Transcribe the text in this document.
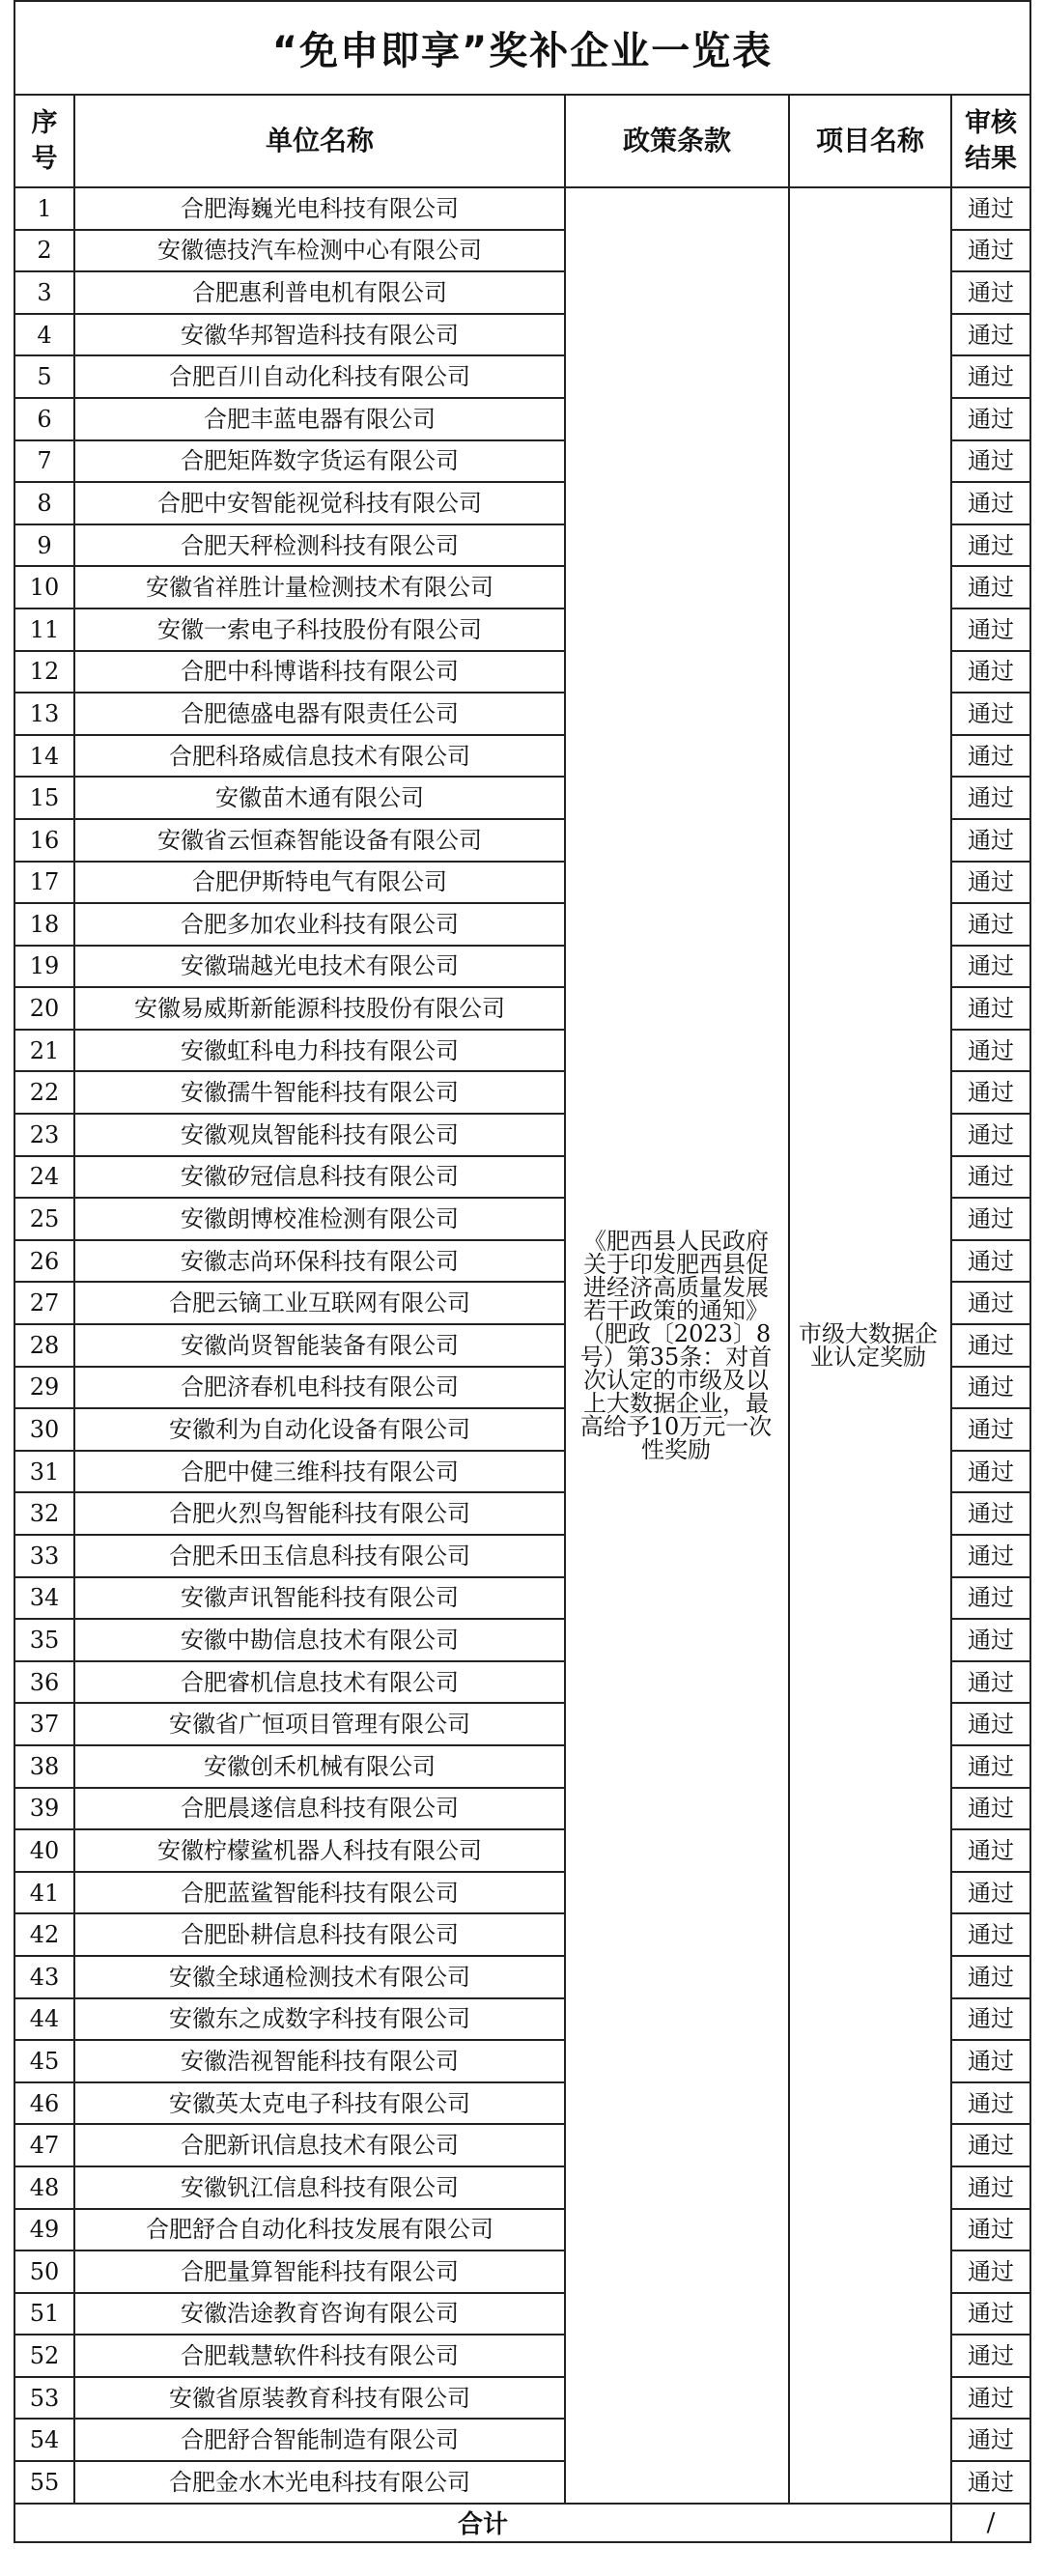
“免申即享”奖补企业一览表				
序
号	单位名称	政策条款	项目名称	审核
结果
1	合肥海巍光电科技有限公司	《肥西县人民政府关于印发肥西县促进经济高质量发展若干政策的通知》（肥政〔2023〕8号）第35条：对首次认定的市级及以上大数据企业，最高给予10万元一次性奖励	市级大数据企业认定奖励	通过
2	安徽德技汽车检测中心有限公司			通过
3	合肥惠利普电机有限公司			通过
4	安徽华邦智造科技有限公司			通过
5	合肥百川自动化科技有限公司			通过
6	合肥丰蓝电器有限公司			通过
7	合肥矩阵数字货运有限公司			通过
8	合肥中安智能视觉科技有限公司			通过
9	合肥天秤检测科技有限公司			通过
10	安徽省祥胜计量检测技术有限公司			通过
11	安徽一索电子科技股份有限公司			通过
12	合肥中科博谐科技有限公司			通过
13	合肥德盛电器有限责任公司			通过
14	合肥科珞威信息技术有限公司			通过
15	安徽苗木通有限公司			通过
16	安徽省云恒森智能设备有限公司			通过
17	合肥伊斯特电气有限公司			通过
18	合肥多加农业科技有限公司			通过
19	安徽瑞越光电技术有限公司			通过
20	安徽易威斯新能源科技股份有限公司			通过
21	安徽虹科电力科技有限公司			通过
22	安徽孺牛智能科技有限公司			通过
23	安徽观岚智能科技有限公司			通过
24	安徽矽冠信息科技有限公司			通过
25	安徽朗博校准检测有限公司			通过
26	安徽志尚环保科技有限公司			通过
27	合肥云镝工业互联网有限公司			通过
28	安徽尚贤智能装备有限公司			通过
29	合肥济春机电科技有限公司			通过
30	安徽利为自动化设备有限公司			通过
31	合肥中健三维科技有限公司			通过
32	合肥火烈鸟智能科技有限公司			通过
33	合肥禾田玉信息科技有限公司			通过
34	安徽声讯智能科技有限公司			通过
35	安徽中勘信息技术有限公司			通过
36	合肥睿机信息技术有限公司			通过
37	安徽省广恒项目管理有限公司			通过
38	安徽创禾机械有限公司			通过
39	合肥晨遂信息科技有限公司			通过
40	安徽柠檬鲨机器人科技有限公司			通过
41	合肥蓝鲨智能科技有限公司			通过
42	合肥卧耕信息科技有限公司			通过
43	安徽全球通检测技术有限公司			通过
44	安徽东之成数字科技有限公司			通过
45	安徽浩视智能科技有限公司			通过
46	安徽英太克电子科技有限公司			通过
47	合肥新讯信息技术有限公司			通过
48	安徽钒江信息科技有限公司			通过
49	合肥舒合自动化科技发展有限公司			通过
50	合肥量算智能科技有限公司			通过
51	安徽浩途教育咨询有限公司			通过
52	合肥载慧软件科技有限公司			通过
53	安徽省原装教育科技有限公司			通过
54	合肥舒合智能制造有限公司			通过
55	合肥金水木光电科技有限公司			通过
合计				/
